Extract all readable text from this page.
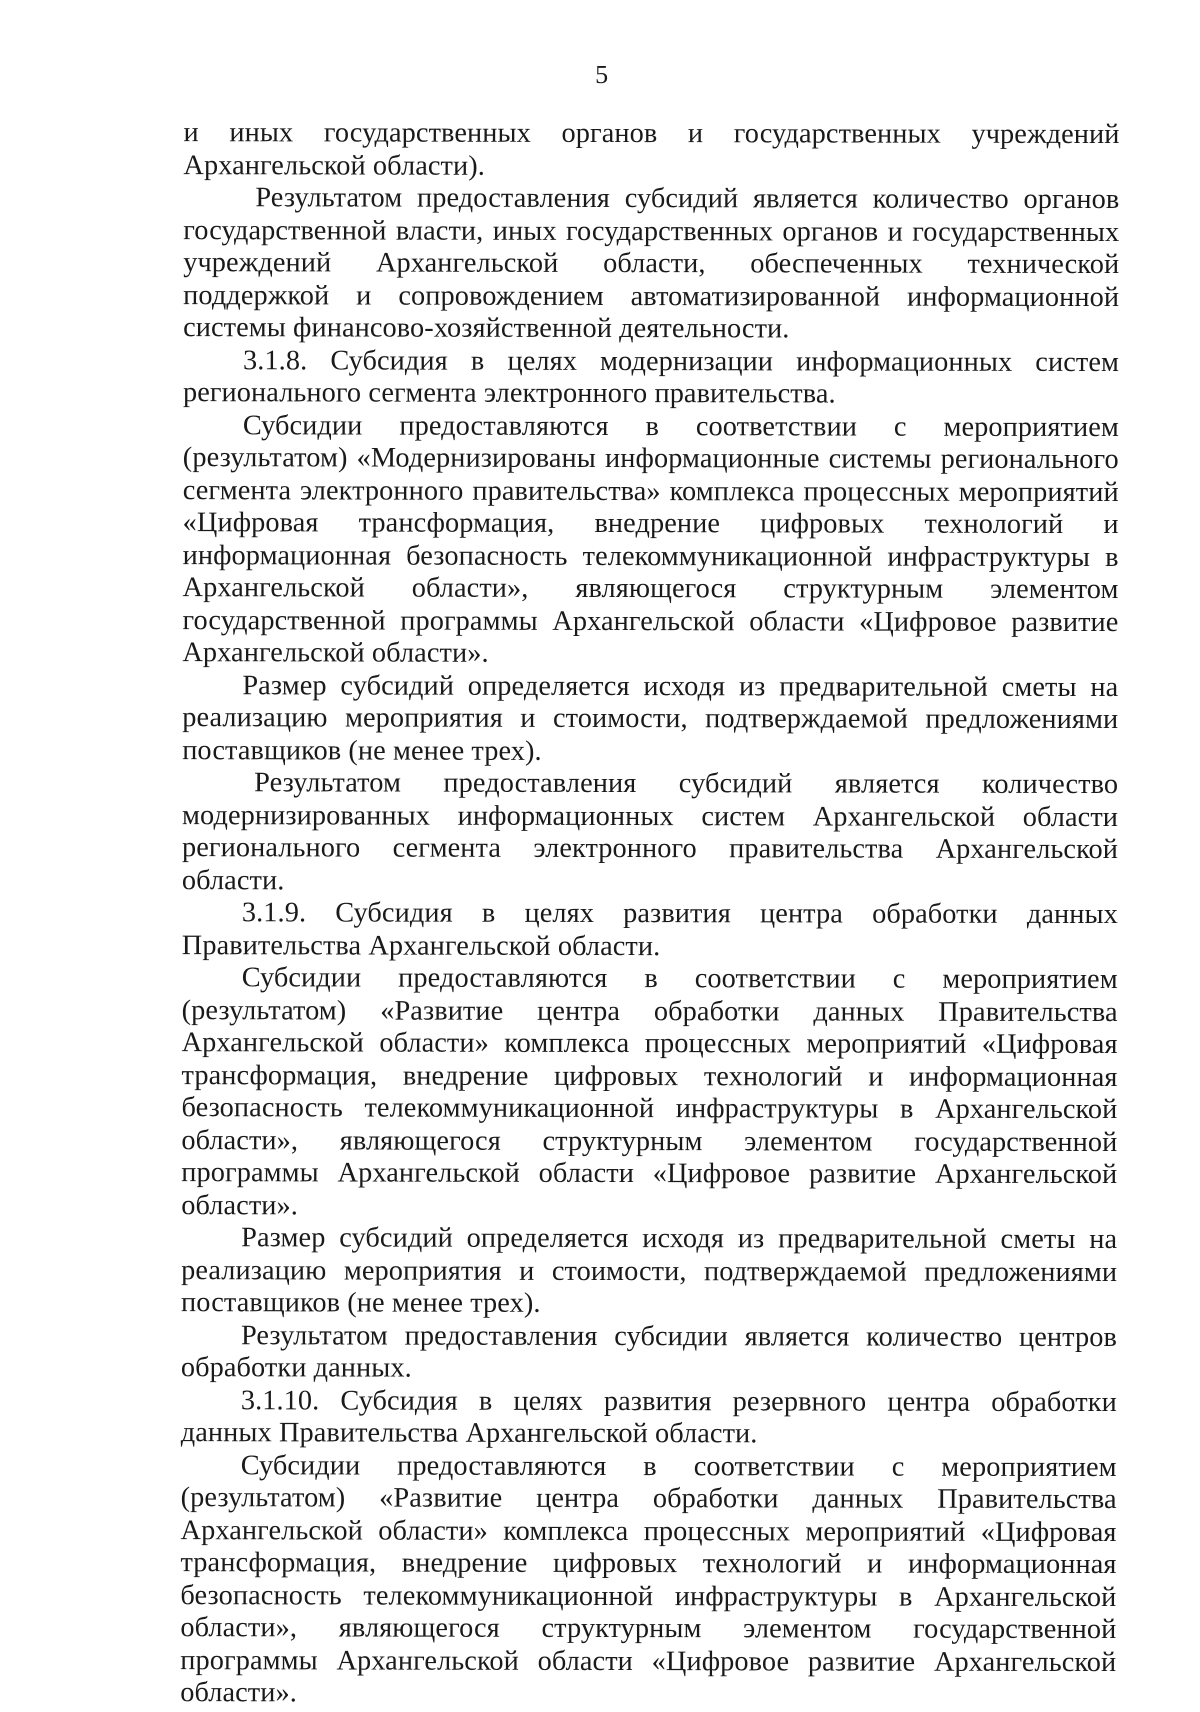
5

и иных государственных органов и государственных учреждений Архангельской области).

Результатом предоставления субсидий является количество органов государственной власти, иных государственных органов и государственных учреждений Архангельской области, обеспеченных технической поддержкой и сопровождением автоматизированной информационной системы финансово-хозяйственной деятельности.

3.1.8. Субсидия в целях модернизации информационных систем регионального сегмента электронного правительства.

Субсидии предоставляются в соответствии с мероприятием (результатом) «Модернизированы информационные системы регионального сегмента электронного правительства» комплекса процессных мероприятий «Цифровая трансформация, внедрение цифровых технологий и информационная безопасность телекоммуникационной инфраструктуры в Архангельской области», являющегося структурным элементом государственной программы Архангельской области «Цифровое развитие Архангельской области».

Размер субсидий определяется исходя из предварительной сметы на реализацию мероприятия и стоимости, подтверждаемой предложениями поставщиков (не менее трех).

Результатом предоставления субсидий является количество модернизированных информационных систем Архангельской области регионального сегмента электронного правительства Архангельской области.

3.1.9. Субсидия в целях развития центра обработки данных Правительства Архангельской области.

Субсидии предоставляются в соответствии с мероприятием (результатом) «Развитие центра обработки данных Правительства Архангельской области» комплекса процессных мероприятий «Цифровая трансформация, внедрение цифровых технологий и информационная безопасность телекоммуникационной инфраструктуры в Архангельской области», являющегося структурным элементом государственной программы Архангельской области «Цифровое развитие Архангельской области».

Размер субсидий определяется исходя из предварительной сметы на реализацию мероприятия и стоимости, подтверждаемой предложениями поставщиков (не менее трех).

Результатом предоставления субсидии является количество центров обработки данных.

3.1.10. Субсидия в целях развития резервного центра обработки данных Правительства Архангельской области.

Субсидии предоставляются в соответствии с мероприятием (результатом) «Развитие центра обработки данных Правительства Архангельской области» комплекса процессных мероприятий «Цифровая трансформация, внедрение цифровых технологий и информационная безопасность телекоммуникационной инфраструктуры в Архангельской области», являющегося структурным элементом государственной программы Архангельской области «Цифровое развитие Архангельской области».
